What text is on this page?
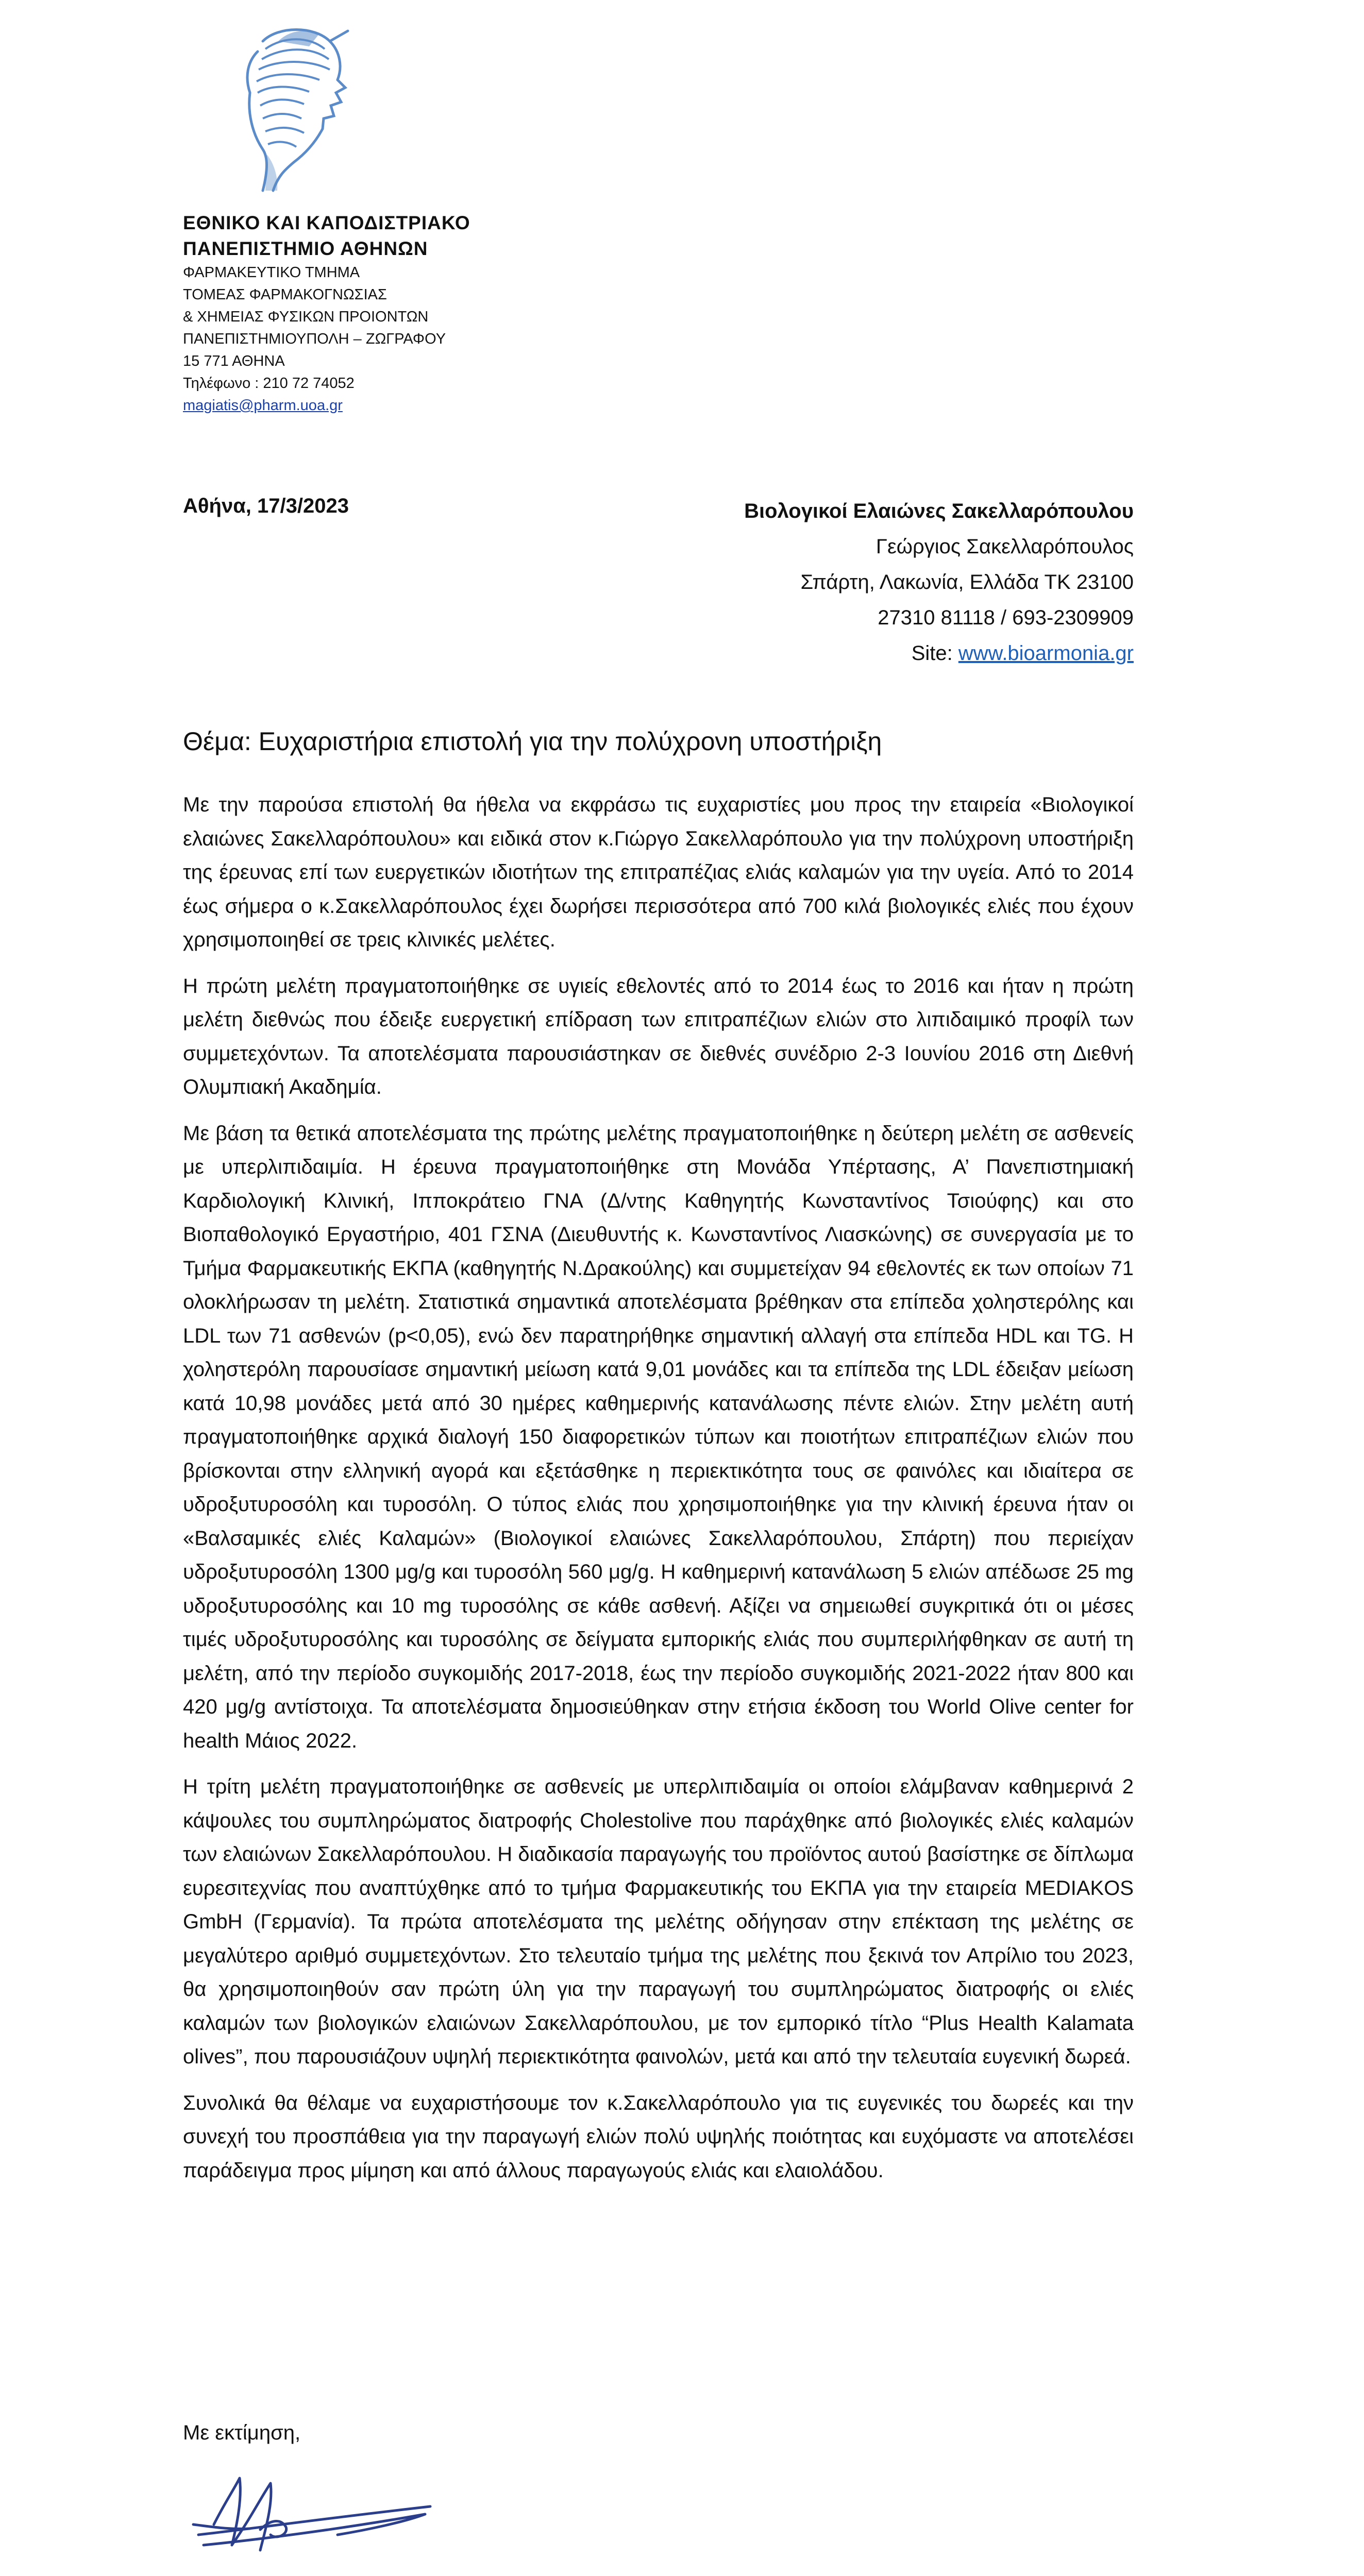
ΕΘΝΙΚΟ ΚΑΙ ΚΑΠΟΔΙΣΤΡΙΑΚΟ
ΠΑΝΕΠΙΣΤΗΜΙΟ ΑΘΗΝΩΝ
ΦΑΡΜΑΚΕΥΤΙΚΟ ΤΜΗΜΑ
ΤΟΜΕΑΣ ΦΑΡΜΑΚΟΓΝΩΣΙΑΣ
& ΧΗΜΕΙΑΣ ΦΥΣΙΚΩΝ ΠΡΟΙΟΝΤΩΝ
ΠΑΝΕΠΙΣΤΗΜΙΟΥΠΟΛΗ – ΖΩΓΡΑΦΟΥ
15 771 ΑΘΗΝΑ
Τηλέφωνο : 210 72 74052
magiatis@pharm.uoa.gr
Αθήνα, 17/3/2023	Βιολογικοί Ελαιώνες Σακελλαρόπουλου
Γεώργιος Σακελλαρόπουλος
Σπάρτη, Λακωνία, Ελλάδα ΤΚ 23100
27310 81118 / 693-2309909
Site: www.bioarmonia.gr
Θέμα: Ευχαριστήρια επιστολή για την πολύχρονη υποστήριξη

Με την παρούσα επιστολή θα ήθελα να εκφράσω τις ευχαριστίες μου προς την εταιρεία «Βιολογικοί ελαιώνες Σακελλαρόπουλου» και ειδικά στον κ.Γιώργο Σακελλαρόπουλο για την πολύχρονη υποστήριξη της έρευνας επί των ευεργετικών ιδιοτήτων της επιτραπέζιας ελιάς καλαμών για την υγεία. Από το 2014 έως σήμερα ο κ.Σακελλαρόπουλος έχει δωρήσει περισσότερα από 700 κιλά βιολογικές ελιές που έχουν χρησιμοποιηθεί σε τρεις κλινικές μελέτες.

Η πρώτη μελέτη πραγματοποιήθηκε σε υγιείς εθελοντές από το 2014 έως το 2016 και ήταν η πρώτη μελέτη διεθνώς που έδειξε ευεργετική επίδραση των επιτραπέζιων ελιών στο λιπιδαιμικό προφίλ των συμμετεχόντων. Τα αποτελέσματα παρουσιάστηκαν σε διεθνές συνέδριο 2-3 Ιουνίου 2016 στη Διεθνή Ολυμπιακή Ακαδημία.

Με βάση τα θετικά αποτελέσματα της πρώτης μελέτης πραγματοποιήθηκε η δεύτερη μελέτη σε ασθενείς με υπερλιπιδαιμία. Η έρευνα πραγματοποιήθηκε στη Μονάδα Υπέρτασης, Α’ Πανεπιστημιακή Καρδιολογική Κλινική, Ιπποκράτειο ΓΝΑ (Δ/ντης Καθηγητής Κωνσταντίνος Τσιούφης) και στο Βιοπαθολογικό Εργαστήριο, 401 ΓΣΝΑ (Διευθυντής κ. Κωνσταντίνος Λιασκώνης) σε συνεργασία με το Τμήμα Φαρμακευτικής ΕΚΠΑ (καθηγητής Ν.Δρακούλης) και συμμετείχαν 94 εθελοντές εκ των οποίων 71 ολοκλήρωσαν τη μελέτη. Στατιστικά σημαντικά αποτελέσματα βρέθηκαν στα επίπεδα χοληστερόλης και LDL των 71 ασθενών (p<0,05), ενώ δεν παρατηρήθηκε σημαντική αλλαγή στα επίπεδα HDL και TG. Η χοληστερόλη παρουσίασε σημαντική μείωση κατά 9,01 μονάδες και τα επίπεδα της LDL έδειξαν μείωση κατά 10,98 μονάδες μετά από 30 ημέρες καθημερινής κατανάλωσης πέντε ελιών. Στην μελέτη αυτή πραγματοποιήθηκε αρχικά διαλογή 150 διαφορετικών τύπων και ποιοτήτων επιτραπέζιων ελιών που βρίσκονται στην ελληνική αγορά και εξετάσθηκε η περιεκτικότητα τους σε φαινόλες και ιδιαίτερα σε υδροξυτυροσόλη και τυροσόλη. Ο τύπος ελιάς που χρησιμοποιήθηκε για την κλινική έρευνα ήταν οι «Βαλσαμικές ελιές Καλαμών» (Βιολογικοί ελαιώνες Σακελλαρόπουλου, Σπάρτη) που περιείχαν υδροξυτυροσόλη 1300 μg/g και τυροσόλη 560 μg/g. Η καθημερινή κατανάλωση 5 ελιών απέδωσε 25 mg υδροξυτυροσόλης και 10 mg τυροσόλης σε κάθε ασθενή. Αξίζει να σημειωθεί συγκριτικά ότι οι μέσες τιμές υδροξυτυροσόλης και τυροσόλης σε δείγματα εμπορικής ελιάς που συμπεριλήφθηκαν σε αυτή τη μελέτη, από την περίοδο συγκομιδής 2017-2018, έως την περίοδο συγκομιδής 2021-2022 ήταν 800 και 420 μg/g αντίστοιχα. Τα αποτελέσματα δημοσιεύθηκαν στην ετήσια έκδοση του World Olive center for health Μάιος 2022.

Η τρίτη μελέτη πραγματοποιήθηκε σε ασθενείς με υπερλιπιδαιμία οι οποίοι ελάμβαναν καθημερινά 2 κάψουλες του συμπληρώματος διατροφής Cholestolive που παράχθηκε από βιολογικές ελιές καλαμών των ελαιώνων Σακελλαρόπουλου. Η διαδικασία παραγωγής του προϊόντος αυτού βασίστηκε σε δίπλωμα ευρεσιτεχνίας που αναπτύχθηκε από το τμήμα Φαρμακευτικής του ΕΚΠΑ για την εταιρεία MEDIAKOS GmbH (Γερμανία). Τα πρώτα αποτελέσματα της μελέτης οδήγησαν στην επέκταση της μελέτης σε μεγαλύτερο αριθμό συμμετεχόντων. Στο τελευταίο τμήμα της μελέτης που ξεκινά τον Απρίλιο του 2023, θα χρησιμοποιηθούν σαν πρώτη ύλη για την παραγωγή του συμπληρώματος διατροφής οι ελιές καλαμών των βιολογικών ελαιώνων Σακελλαρόπουλου, με τον εμπορικό τίτλο “Plus Health Kalamata olives”, που παρουσιάζουν υψηλή περιεκτικότητα φαινολών, μετά και από την τελευταία ευγενική δωρεά.

Συνολικά θα θέλαμε να ευχαριστήσουμε τον κ.Σακελλαρόπουλο για τις ευγενικές του δωρεές και την συνεχή του προσπάθεια για την παραγωγή ελιών πολύ υψηλής ποιότητας και ευχόμαστε να αποτελέσει παράδειγμα προς μίμηση και από άλλους παραγωγούς ελιάς και ελαιολάδου.

Με εκτίμηση,
